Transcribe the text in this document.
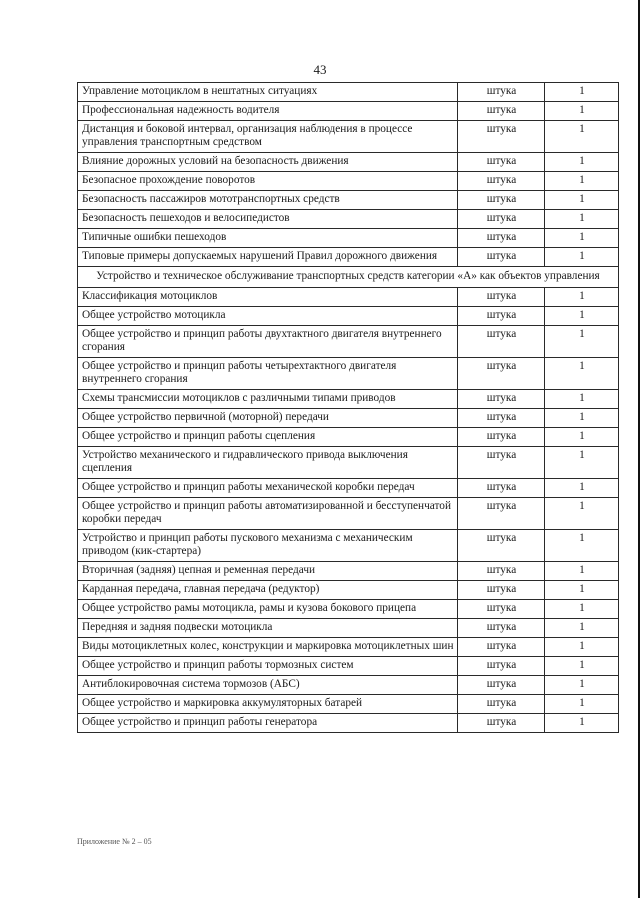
43
Управление мотоциклом в нештатных ситуациях	штука	1
Профессиональная надежность водителя	штука	1
Дистанция и боковой интервал, организация наблюдения в процессе управления транспортным средством	штука	1
Влияние дорожных условий на безопасность движения	штука	1
Безопасное прохождение поворотов	штука	1
Безопасность пассажиров мототранспортных средств	штука	1
Безопасность пешеходов и велосипедистов	штука	1
Типичные ошибки пешеходов	штука	1
Типовые примеры допускаемых нарушений Правил дорожного движения	штука	1
Устройство и техническое обслуживание транспортных средств категории «А» как объектов управления		
Классификация мотоциклов	штука	1
Общее устройство мотоцикла	штука	1
Общее устройство и принцип работы двухтактного двигателя внутреннего сгорания	штука	1
Общее устройство и принцип работы четырехтактного двигателя внутреннего сгорания	штука	1
Схемы трансмиссии мотоциклов с различными типами приводов	штука	1
Общее устройство первичной (моторной) передачи	штука	1
Общее устройство и принцип работы сцепления	штука	1
Устройство механического и гидравлического привода выключения сцепления	штука	1
Общее устройство и принцип работы механической коробки передач	штука	1
Общее устройство и принцип работы автоматизированной и бесступенчатой коробки передач	штука	1
Устройство и принцип работы пускового механизма с механическим приводом (кик-стартера)	штука	1
Вторичная (задняя) цепная и ременная передачи	штука	1
Карданная передача, главная передача (редуктор)	штука	1
Общее устройство рамы мотоцикла, рамы и кузова бокового прицепа	штука	1
Передняя и задняя подвески мотоцикла	штука	1
Виды мотоциклетных колес, конструкции и маркировка мотоциклетных шин	штука	1
Общее устройство и принцип работы тормозных систем	штука	1
Антиблокировочная система тормозов (АБС)	штука	1
Общее устройство и маркировка аккумуляторных батарей	штука	1
Общее устройство и принцип работы генератора	штука	1
Приложение № 2 – 05
